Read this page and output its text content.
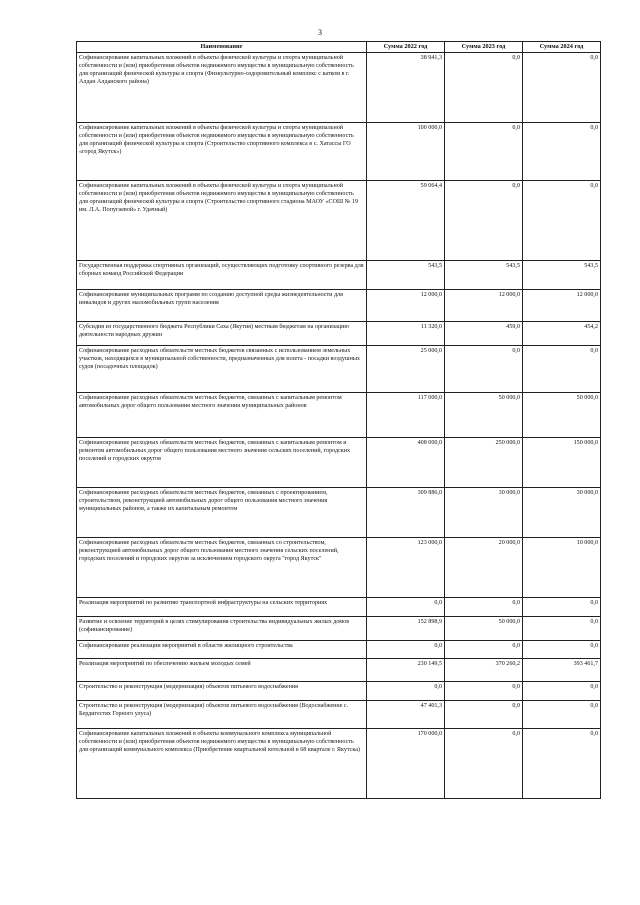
3
Наименование	Сумма 2022 год	Сумма 2023 год	Сумма 2024 год
Софинансирование капитальных вложений в объекты физической культуры и спорта муниципальной собственности и (или) приобретения объектов недвижимого имущества в муниципальную собственность для организаций физической культуры и спорта (Физкультурно-оздоровительный комплекс с катком в г. Алдан Алданского района)	38 941,3	0,0	0,0
Софинансирование капитальных вложений в объекты физической культуры и спорта муниципальной собственности и (или) приобретения объектов недвижимого имущества в муниципальную собственность для организаций физической культуры и спорта (Строительство спортивного комплекса в с. Хатассы ГО «город Якутск»)	100 000,0	0,0	0,0
Софинансирование капитальных вложений в объекты физической культуры и спорта муниципальной собственности и (или) приобретения объектов недвижимого имущества в муниципальную собственность для организаций физической культуры и спорта (Строительство спортивного стадиона МАОУ «СОШ № 19 им. Л.А. Попугаевой» г. Удачный)	59 064,4	0,0	0,0
Государственная поддержка спортивных организаций, осуществляющих подготовку спортивного резерва для сборных команд Российской Федерации	543,5	543,5	543,5
Софинансирование муниципальных программ по созданию доступной среды жизнедеятельности для инвалидов и других маломобильных групп населения	12 000,0	12 000,0	12 000,0
Субсидия из государственного бюджета Республики Саха (Якутия) местным бюджетам на организацию деятельности народных дружин	11 320,0	459,0	454,2
Софинансирование расходных обязательств местных бюджетов связанных с использованием земельных участков, находящихся в муниципальной собственности, предназначенных для взлета - посадки воздушных судов (посадочных площадок)	25 000,0	0,0	0,0
Софинансирование расходных обязательств местных бюджетов, связанных с капитальным ремонтом автомобильных дорог общего пользования местного значения муниципальных районов	117 000,0	50 000,0	50 000,0
Софинансирование расходных обязательств местных бюджетов, связанных с капитальным ремонтом и ремонтом автомобильных дорог общего пользования местного значения сельских поселений, городских поселений и городских округов	408 000,0	250 000,0	150 000,0
Софинансирование расходных обязательств местных бюджетов, связанных с проектированием, строительством, реконструкцией автомобильных дорог общего пользования местного значения муниципальных районов, а также их капитальным ремонтом	309 886,0	30 000,0	30 000,0
Софинансирование расходных обязательств местных бюджетов, связанных со строительством, реконструкцией автомобильных дорог общего пользования местного значения сельских поселений, городских поселений и городских округов за исключением городского округа "город Якутск"	123 000,0	20 000,0	10 000,0
Реализация мероприятий по развитию транспортной инфраструктуры на сельских территориях	0,0	0,0	0,0
Развитие и освоение территорий в целях стимулирования строительства индивидуальных жилых домов (софинансирование)	152 898,9	50 000,0	0,0
Софинансирование реализации мероприятий в области жилищного строительства	0,0	0,0	0,0
Реализация мероприятий по обеспечению жильем молодых семей	230 149,5	370 260,2	393 461,7
Строительство и реконструкция (модернизация) объектов питьевого водоснабжения	0,0	0,0	0,0
Строительство и реконструкция (модернизация) объектов питьевого водоснабжения (Водоснабжение с. Бердигестях Горного улуса)	47 401,3	0,0	0,0
Софинансирование капитальных вложений в объекты коммунального комплекса муниципальной собственности и (или) приобретения объектов недвижимого имущества в муниципальную собственность для организаций коммунального комплекса (Приобретение квартальной котельной в 68 квартале г. Якутска)	170 000,0	0,0	0,0
